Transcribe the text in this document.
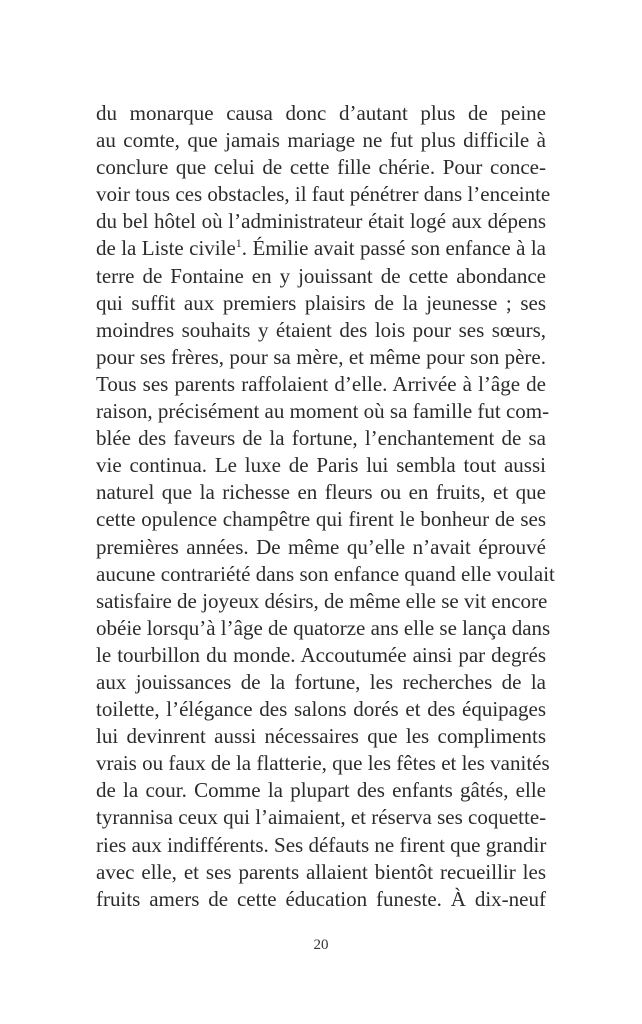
du monarque causa donc d’autant plus de peine
au comte, que jamais mariage ne fut plus difficile à
conclure que celui de cette fille chérie. Pour conce-
voir tous ces obstacles, il faut pénétrer dans l’enceinte
du bel hôtel où l’administrateur était logé aux dépens
de la Liste civile$^1$. Émilie avait passé son enfance à la
terre de Fontaine en y jouissant de cette abondance
qui suffit aux premiers plaisirs de la jeunesse ; ses
moindres souhaits y étaient des lois pour ses sœurs,
pour ses frères, pour sa mère, et même pour son père.
Tous ses parents raffolaient d’elle. Arrivée à l’âge de
raison, précisément au moment où sa famille fut com-
blée des faveurs de la fortune, l’enchantement de sa
vie continua. Le luxe de Paris lui sembla tout aussi
naturel que la richesse en fleurs ou en fruits, et que
cette opulence champêtre qui firent le bonheur de ses
premières années. De même qu’elle n’avait éprouvé
aucune contrariété dans son enfance quand elle voulait
satisfaire de joyeux désirs, de même elle se vit encore
obéie lorsqu’à l’âge de quatorze ans elle se lança dans
le tourbillon du monde. Accoutumée ainsi par degrés
aux jouissances de la fortune, les recherches de la
toilette, l’élégance des salons dorés et des équipages
lui devinrent aussi nécessaires que les compliments
vrais ou faux de la flatterie, que les fêtes et les vanités
de la cour. Comme la plupart des enfants gâtés, elle
tyrannisa ceux qui l’aimaient, et réserva ses coquette-
ries aux indifférents. Ses défauts ne firent que grandir
avec elle, et ses parents allaient bientôt recueillir les
fruits amers de cette éducation funeste. À dix-neuf
20
